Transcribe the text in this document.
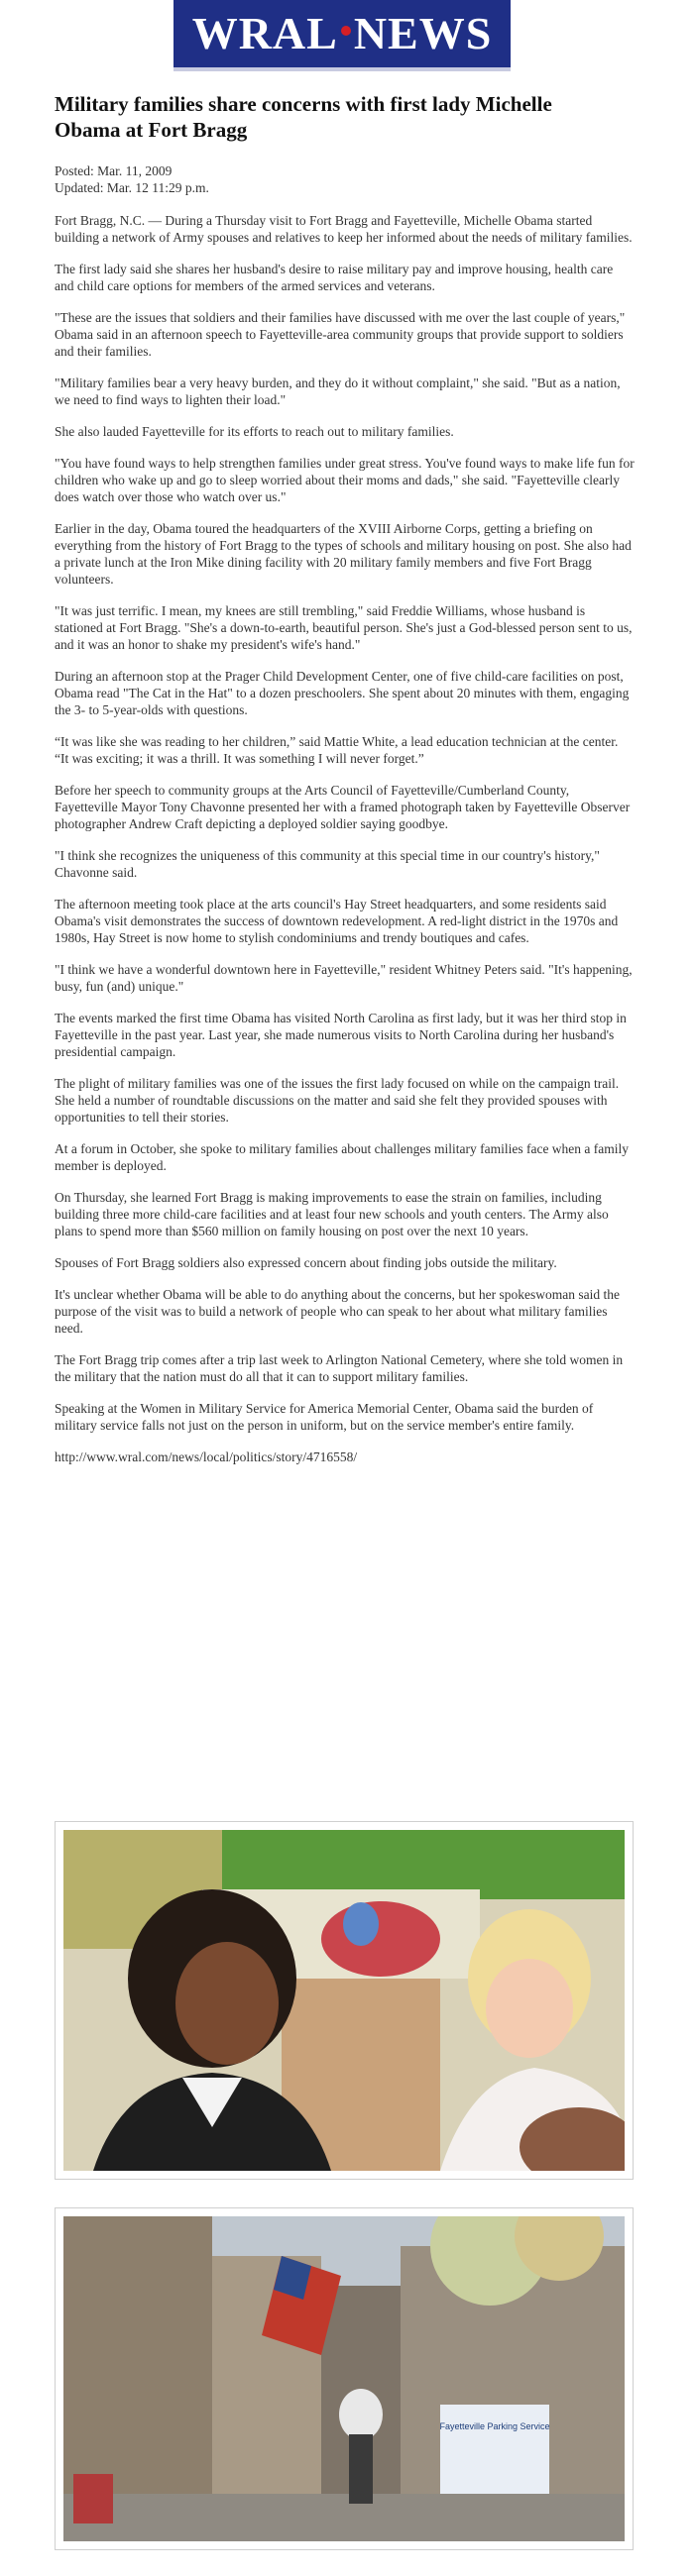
WRAL NEWS
Military families share concerns with first lady Michelle Obama at Fort Bragg
Posted: Mar. 11, 2009
Updated: Mar. 12 11:29 p.m.

Fort Bragg, N.C. — During a Thursday visit to Fort Bragg and Fayetteville, Michelle Obama started building a network of Army spouses and relatives to keep her informed about the needs of military families.

The first lady said she shares her husband's desire to raise military pay and improve housing, health care and child care options for members of the armed services and veterans.

"These are the issues that soldiers and their families have discussed with me over the last couple of years," Obama said in an afternoon speech to Fayetteville-area community groups that provide support to soldiers and their families.

"Military families bear a very heavy burden, and they do it without complaint," she said. "But as a nation, we need to find ways to lighten their load."

She also lauded Fayetteville for its efforts to reach out to military families.

"You have found ways to help strengthen families under great stress. You've found ways to make life fun for children who wake up and go to sleep worried about their moms and dads," she said. "Fayetteville clearly does watch over those who watch over us."

Earlier in the day, Obama toured the headquarters of the XVIII Airborne Corps, getting a briefing on everything from the history of Fort Bragg to the types of schools and military housing on post. She also had a private lunch at the Iron Mike dining facility with 20 military family members and five Fort Bragg volunteers.

"It was just terrific. I mean, my knees are still trembling," said Freddie Williams, whose husband is stationed at Fort Bragg. "She's a down-to-earth, beautiful person. She's just a God-blessed person sent to us, and it was an honor to shake my president's wife's hand."

During an afternoon stop at the Prager Child Development Center, one of five child-care facilities on post, Obama read "The Cat in the Hat" to a dozen preschoolers. She spent about 20 minutes with them, engaging the 3- to 5-year-olds with questions.

“It was like she was reading to her children,” said Mattie White, a lead education technician at the center. “It was exciting; it was a thrill. It was something I will never forget.”

Before her speech to community groups at the Arts Council of Fayetteville/Cumberland County, Fayetteville Mayor Tony Chavonne presented her with a framed photograph taken by Fayetteville Observer photographer Andrew Craft depicting a deployed soldier saying goodbye.

"I think she recognizes the uniqueness of this community at this special time in our country's history," Chavonne said.

The afternoon meeting took place at the arts council's Hay Street headquarters, and some residents said Obama's visit demonstrates the success of downtown redevelopment. A red-light district in the 1970s and 1980s, Hay Street is now home to stylish condominiums and trendy boutiques and cafes.

"I think we have a wonderful downtown here in Fayetteville," resident Whitney Peters said. "It's happening, busy, fun (and) unique."

The events marked the first time Obama has visited North Carolina as first lady, but it was her third stop in Fayetteville in the past year. Last year, she made numerous visits to North Carolina during her husband's presidential campaign.

The plight of military families was one of the issues the first lady focused on while on the campaign trail. She held a number of roundtable discussions on the matter and said she felt they provided spouses with opportunities to tell their stories.

At a forum in October, she spoke to military families about challenges military families face when a family member is deployed.

On Thursday, she learned Fort Bragg is making improvements to ease the strain on families, including building three more child-care facilities and at least four new schools and youth centers. The Army also plans to spend more than $560 million on family housing on post over the next 10 years.

Spouses of Fort Bragg soldiers also expressed concern about finding jobs outside the military.

It's unclear whether Obama will be able to do anything about the concerns, but her spokeswoman said the purpose of the visit was to build a network of people who can speak to her about what military families need.

The Fort Bragg trip comes after a trip last week to Arlington National Cemetery, where she told women in the military that the nation must do all that it can to support military families.

Speaking at the Women in Military Service for America Memorial Center, Obama said the burden of military service falls not just on the person in uniform, but on the service member's entire family.

http://www.wral.com/news/local/politics/story/4716558/

Fayetteville Parking Service
